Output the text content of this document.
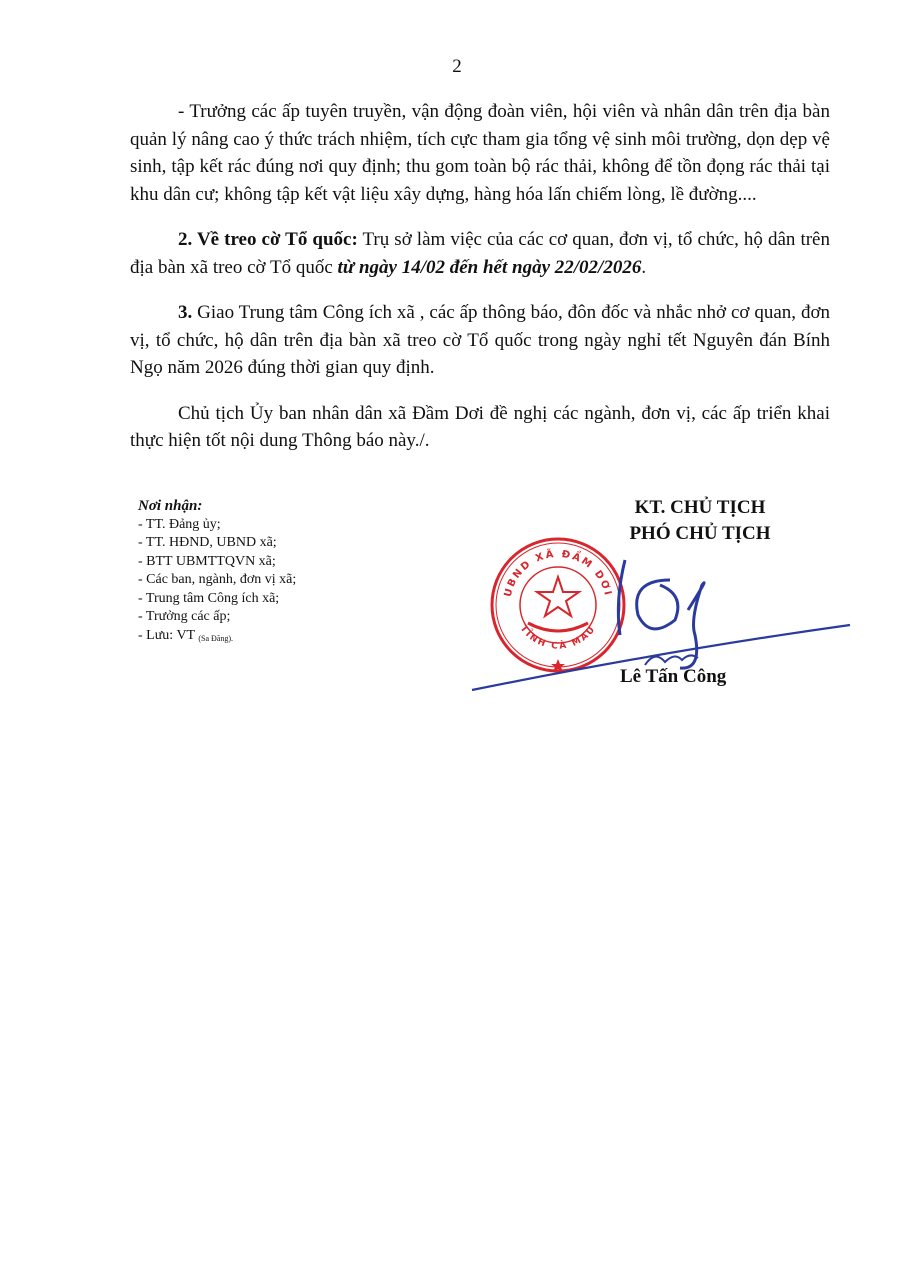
2

- Trưởng các ấp tuyên truyền, vận động đoàn viên, hội viên và nhân dân trên địa bàn quản lý nâng cao ý thức trách nhiệm, tích cực tham gia tổng vệ sinh môi trường, dọn dẹp vệ sinh, tập kết rác đúng nơi quy định; thu gom toàn bộ rác thải, không để tồn đọng rác thải tại khu dân cư; không tập kết vật liệu xây dựng, hàng hóa lấn chiếm lòng, lề đường....

2. Về treo cờ Tổ quốc: Trụ sở làm việc của các cơ quan, đơn vị, tổ chức, hộ dân trên địa bàn xã treo cờ Tổ quốc từ ngày 14/02 đến hết ngày 22/02/2026.

3. Giao Trung tâm Công ích xã , các ấp thông báo, đôn đốc và nhắc nhở cơ quan, đơn vị, tổ chức, hộ dân trên địa bàn xã treo cờ Tổ quốc trong ngày nghỉ tết Nguyên đán Bính Ngọ năm 2026 đúng thời gian quy định.

Chủ tịch Ủy ban nhân dân xã Đầm Dơi đề nghị các ngành, đơn vị, các ấp triển khai thực hiện tốt nội dung Thông báo này./.

Nơi nhận:
- TT. Đảng ủy;
- TT. HĐND, UBND xã;
- BTT UBMTTQVN xã;
- Các ban, ngành, đơn vị xã;
- Trung tâm Công ích xã;
- Trưởng các ấp;
- Lưu: VT $_{(Sa Đăng).}$
KT. CHỦ TỊCH
PHÓ CHỦ TỊCH
UBND XÃ ĐẦM DƠI
TỈNH CÀ MAU
Lê Tấn Công
